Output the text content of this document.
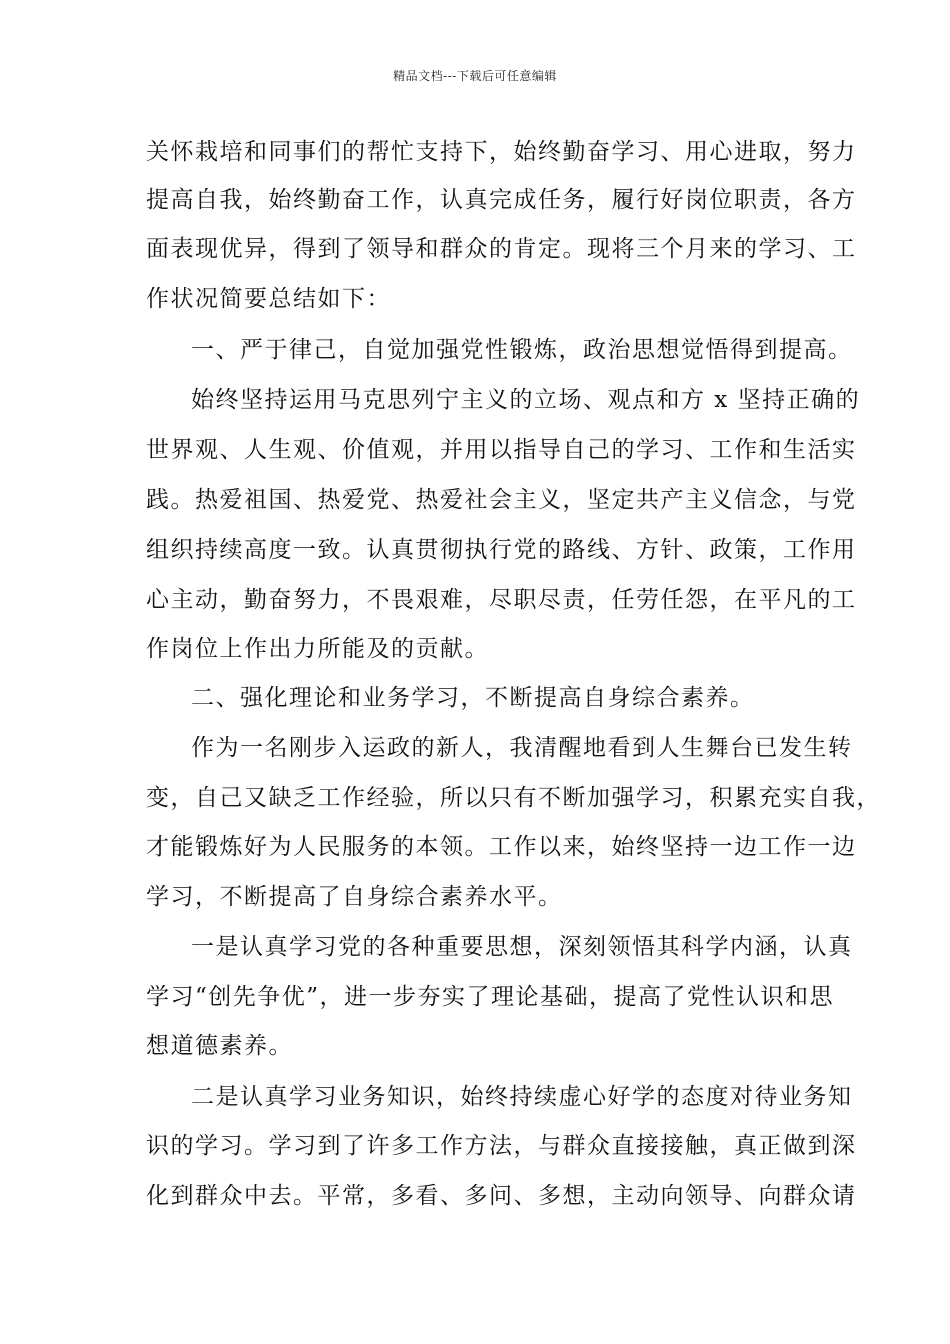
精品文档---下载后可任意编辑
关怀栽培和同事们的帮忙支持下，始终勤奋学习、用心进取，努力
提高自我，始终勤奋工作，认真完成任务，履行好岗位职责，各方
面表现优异，得到了领导和群众的肯定。现将三个月来的学习、工
作状况简要总结如下：
一、严于律己，自觉加强党性锻炼，政治思想觉悟得到提高。
始终坚持运用马克思列宁主义的立场、观点和方 x 坚持正确的
世界观、人生观、价值观，并用以指导自己的学习、工作和生活实
践。热爱祖国、热爱党、热爱社会主义，坚定共产主义信念，与党
组织持续高度一致。认真贯彻执行党的路线、方针、政策，工作用
心主动，勤奋努力，不畏艰难，尽职尽责，任劳任怨，在平凡的工
作岗位上作出力所能及的贡献。
二、强化理论和业务学习，不断提高自身综合素养。
作为一名刚步入运政的新人，我清醒地看到人生舞台已发生转
变，自己又缺乏工作经验，所以只有不断加强学习，积累充实自我，
才能锻炼好为人民服务的本领。工作以来，始终坚持一边工作一边
学习，不断提高了自身综合素养水平。
一是认真学习党的各种重要思想，深刻领悟其科学内涵，认真
学习“创先争优”，进一步夯实了理论基础，提高了党性认识和思
想道德素养。
二是认真学习业务知识，始终持续虚心好学的态度对待业务知
识的学习。学习到了许多工作方法，与群众直接接触，真正做到深
化到群众中去。平常，多看、多问、多想，主动向领导、向群众请
